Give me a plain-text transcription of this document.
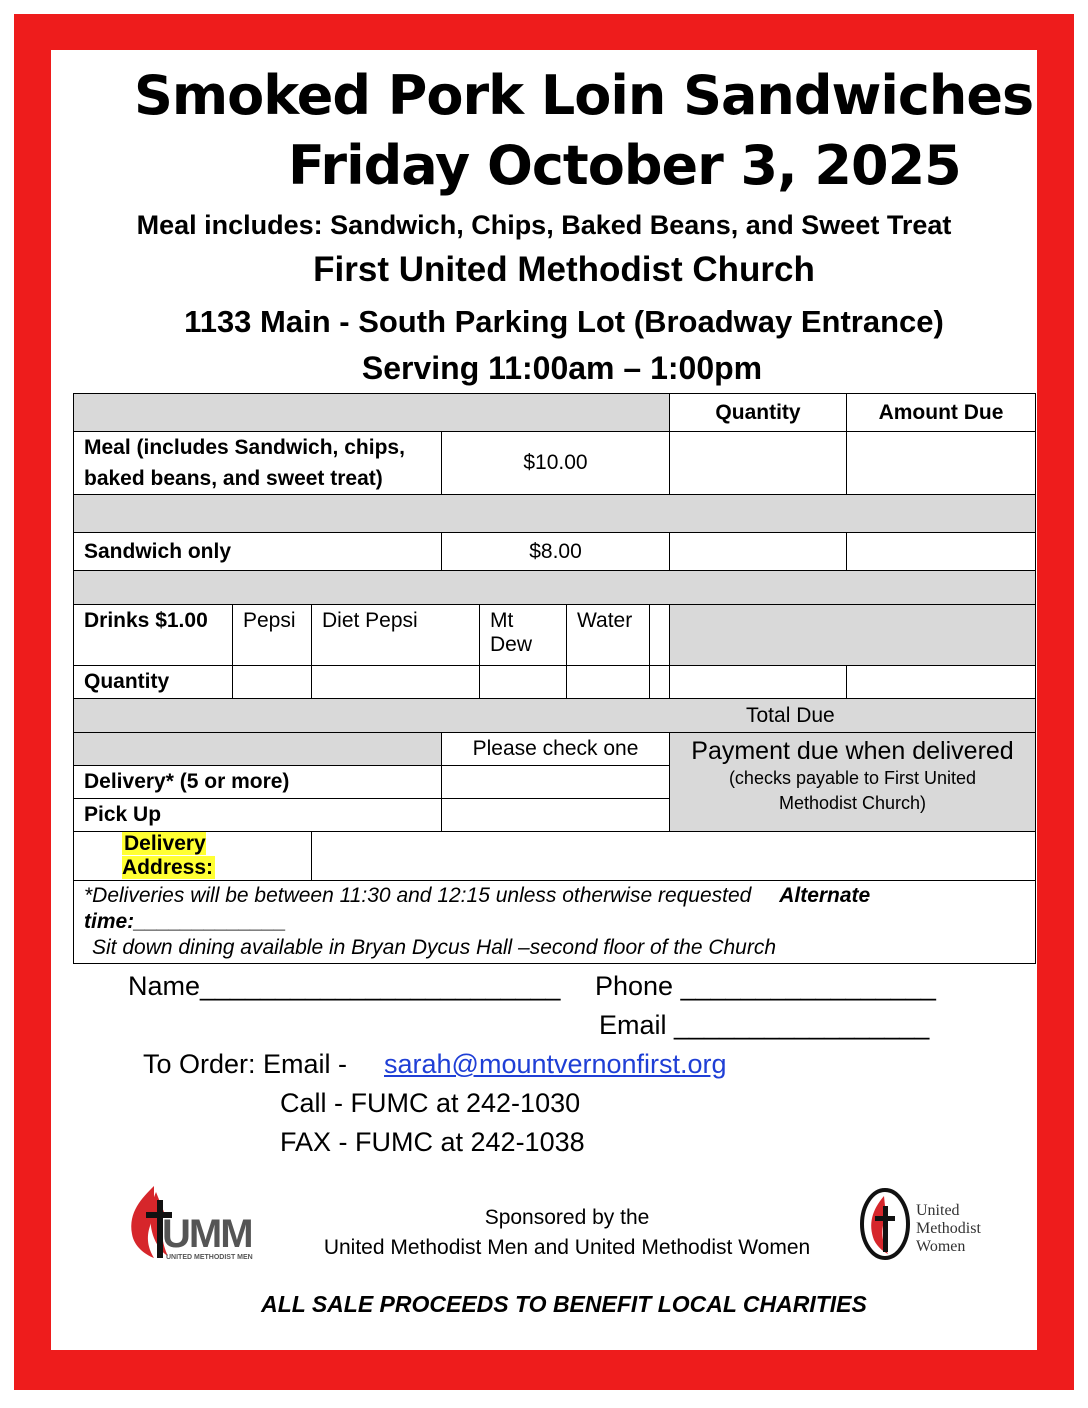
Smoked Pork Loin Sandwiches
Friday October 3, 2025
Meal includes: Sandwich, Chips, Baked Beans, and Sweet Treat
First United Methodist Church
1133 Main - South Parking Lot (Broadway Entrance)
Serving 11:00am – 1:00pm
							Quantity	Amount Due
Meal (includes Sandwich, chips, baked beans, and sweet treat)			$10.00					

Sandwich only			$8.00					

Drinks $1.00	Pepsi	Diet Pepsi		Mt Dew	Water			
Quantity								
Total Due								
			Please check one				Payment due when delivered
(checks payable to First United Methodist Church)	

Delivery* (5 or more)								
Pick Up								
Delivery Address:								

*Deliveries will be between 11:30 and 12:15 unless otherwise requested Alternate time:_____________
Sit down dining available in Bryan Dycus Hall –second floor of the Church								
Name________________________ Phone _________________
Email _________________
To Order: Email - sarah@mountvernonfirst.org
Call - FUMC at 242-1030
FAX - FUMC at 242-1038
UMM
UNITED METHODIST MEN
Sponsored by the
United Methodist Men and United Methodist Women
United
Methodist
Women
ALL SALE PROCEEDS TO BENEFIT LOCAL CHARITIES
